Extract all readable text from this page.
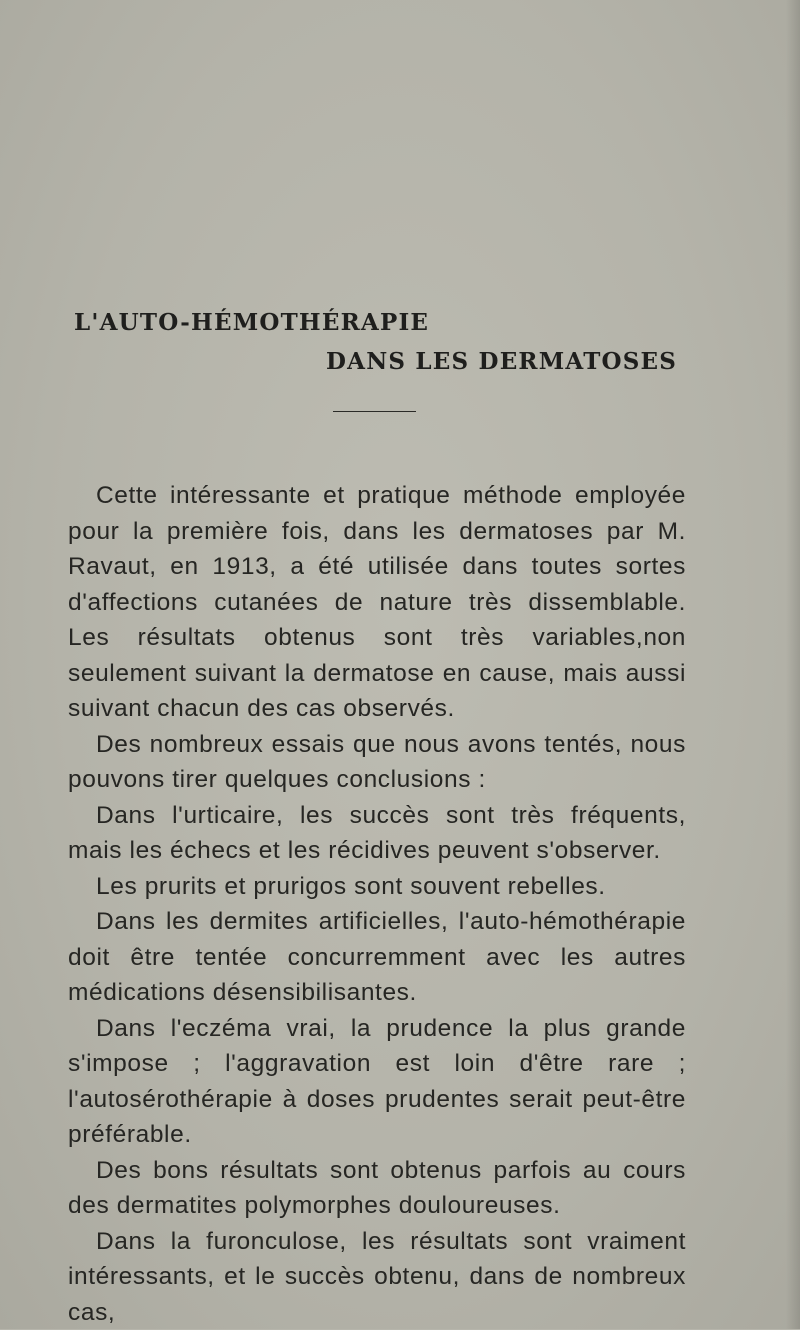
L'AUTO-HÉMOTHÉRAPIE
DANS LES DERMATOSES

Cette intéressante et pratique méthode employée pour la première fois, dans les dermatoses par M. Ravaut, en 1913, a été utilisée dans toutes sortes d'affections cutanées de nature très dissemblable. Les résultats obtenus sont très variables,non seulement suivant la dermatose en cause, mais aussi suivant chacun des cas observés.

Des nombreux essais que nous avons tentés, nous pouvons tirer quelques conclusions :

Dans l'urticaire, les succès sont très fréquents, mais les échecs et les récidives peuvent s'observer.

Les prurits et prurigos sont souvent rebelles.

Dans les dermites artificielles, l'auto-hémothérapie doit être tentée concurremment avec les autres médications désensibilisantes.

Dans l'eczéma vrai, la prudence la plus grande s'impose ; l'aggravation est loin d'être rare ; l'autosérothérapie à doses prudentes serait peut-être préférable.

Des bons résultats sont obtenus parfois au cours des dermatites polymorphes douloureuses.

Dans la furonculose, les résultats sont vraiment intéressants, et le succès obtenu, dans de nombreux cas,
